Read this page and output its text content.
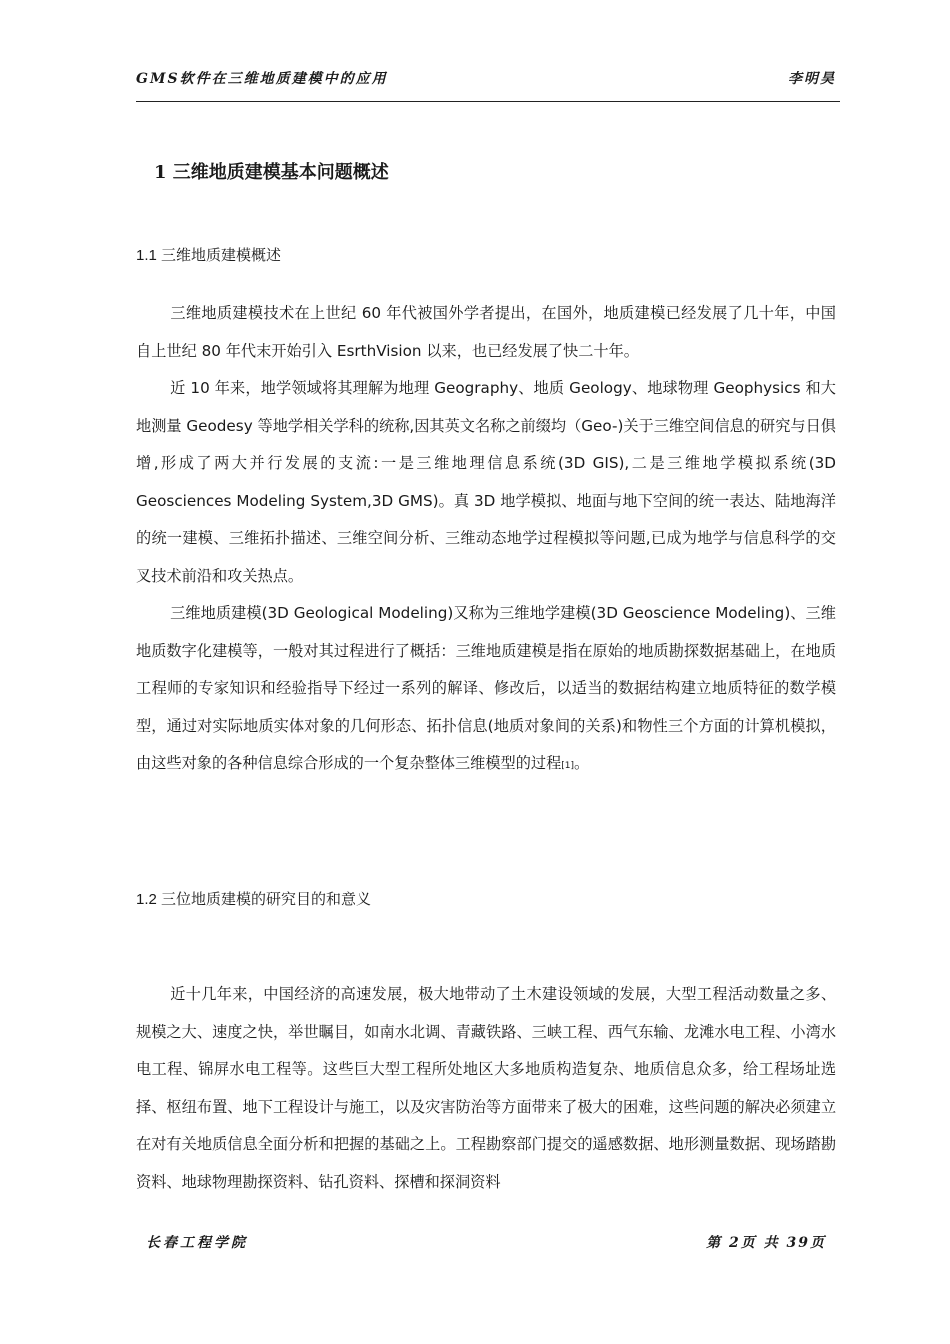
GMS软件在三维地质建模中的应用	李明昊
1 三维地质建模基本问题概述
1.1 三维地质建模概述

三维地质建模技术在上世纪 60 年代被国外学者提出，在国外，地质建模已经发展了几十年，中国自上世纪 80 年代末开始引入 EsrthVision 以来，也已经发展了快二十年。

近 10 年来，地学领域将其理解为地理 Geography、地质 Geology、地球物理 Geophysics 和大地测量 Geodesy 等地学相关学科的统称,因其英文名称之前缀均（Geo-)关于三维空间信息的研究与日俱增,形成了两大并行发展的支流:一是三维地理信息系统(3D GIS),二是三维地学模拟系统(3D Geosciences Modeling System,3D GMS)。真 3D 地学模拟、地面与地下空间的统一表达、陆地海洋的统一建模、三维拓扑描述、三维空间分析、三维动态地学过程模拟等问题,已成为地学与信息科学的交叉技术前沿和攻关热点。

三维地质建模(3D Geological Modeling)又称为三维地学建模(3D Geoscience Modeling)、三维地质数字化建模等，一般对其过程进行了概括：三维地质建模是指在原始的地质勘探数据基础上，在地质工程师的专家知识和经验指导下经过一系列的解译、修改后，以适当的数据结构建立地质特征的数学模型，通过对实际地质实体对象的几何形态、拓扑信息(地质对象间的关系)和物性三个方面的计算机模拟，由这些对象的各种信息综合形成的一个复杂整体三维模型的过程[1]。

1.2 三位地质建模的研究目的和意义

近十几年来，中国经济的高速发展，极大地带动了土木建设领域的发展，大型工程活动数量之多、规模之大、速度之快，举世瞩目，如南水北调、青藏铁路、三峡工程、西气东输、龙滩水电工程、小湾水电工程、锦屏水电工程等。这些巨大型工程所处地区大多地质构造复杂、地质信息众多，给工程场址选择、枢纽布置、地下工程设计与施工，以及灾害防治等方面带来了极大的困难，这些问题的解决必须建立在对有关地质信息全面分析和把握的基础之上。工程勘察部门提交的遥感数据、地形测量数据、现场踏勘资料、地球物理勘探资料、钻孔资料、探槽和探洞资料

长春工程学院	第 2页 共 39页
